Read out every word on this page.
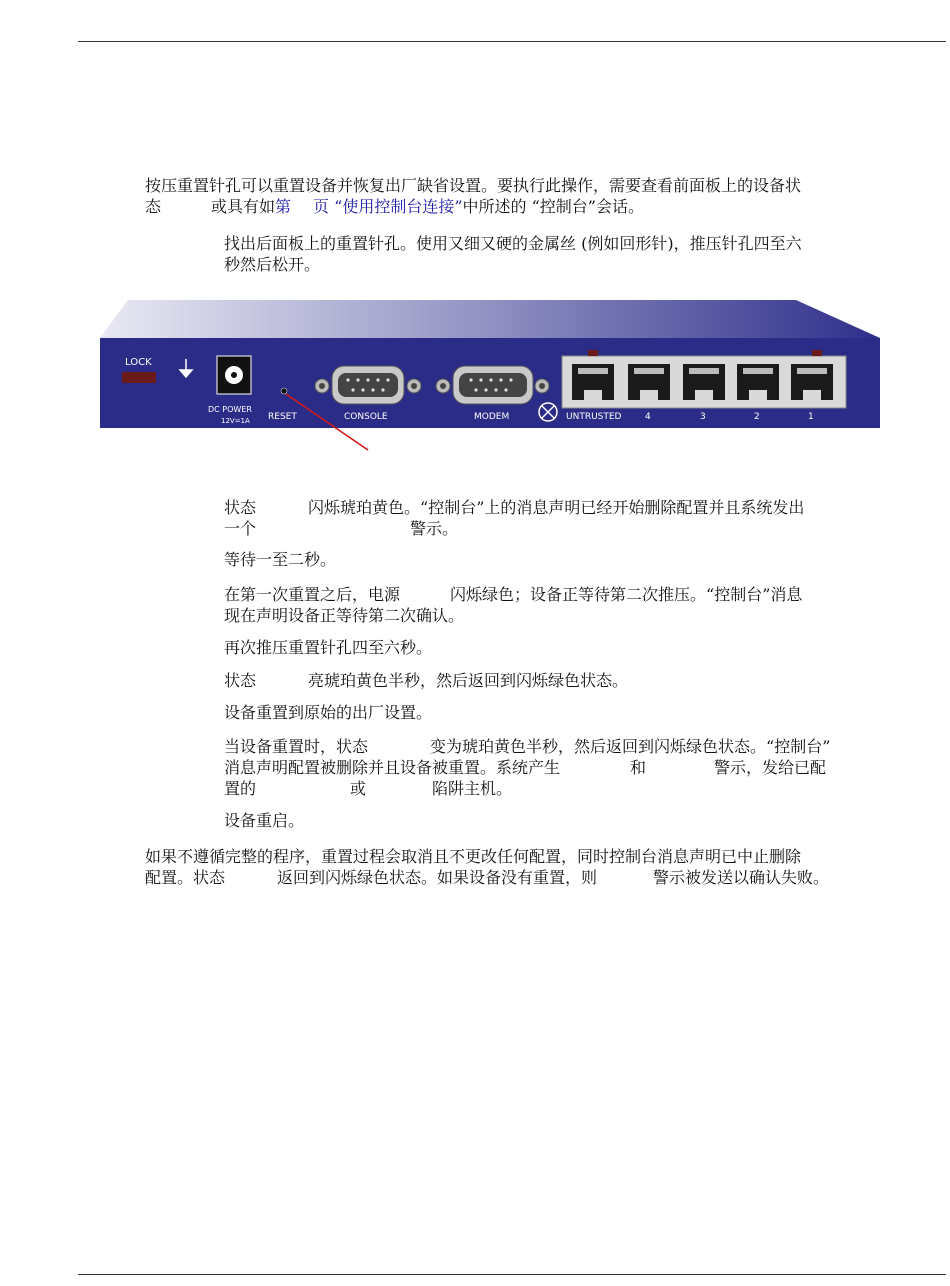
按压重置针孔可以重置设备并恢复出厂缺省设置。要执行此操作，需要查看前面板上的设备状
态	或具有如第 页 “使用控制台连接”中所述的 “控制台”会话。
找出后面板上的重置针孔。使用又细又硬的金属丝 (例如回形针)，推压针孔四至六
秒然后松开。
LOCK
DC POWER
12V=1A RESET	CONSOLE	MODEM	UNTRUSTED	4	3	2	1
状态	闪烁琥珀黄色。“控制台”上的消息声明已经开始删除配置并且系统发出
一个	警示。
等待一至二秒。
在第一次重置之后，电源	闪烁绿色；设备正等待第二次推压。“控制台”消息
现在声明设备正等待第二次确认。
再次推压重置针孔四至六秒。
状态	亮琥珀黄色半秒，然后返回到闪烁绿色状态。
设备重置到原始的出厂设置。
当设备重置时，状态	变为琥珀黄色半秒，然后返回到闪烁绿色状态。“控制台”
消息声明配置被删除并且设备被重置。系统产生	和	警示，发给已配
置的	或	陷阱主机。
设备重启。
如果不遵循完整的程序，重置过程会取消且不更改任何配置，同时控制台消息声明已中止删除
配置。状态	返回到闪烁绿色状态。如果设备没有重置，则	警示被发送以确认失败。
